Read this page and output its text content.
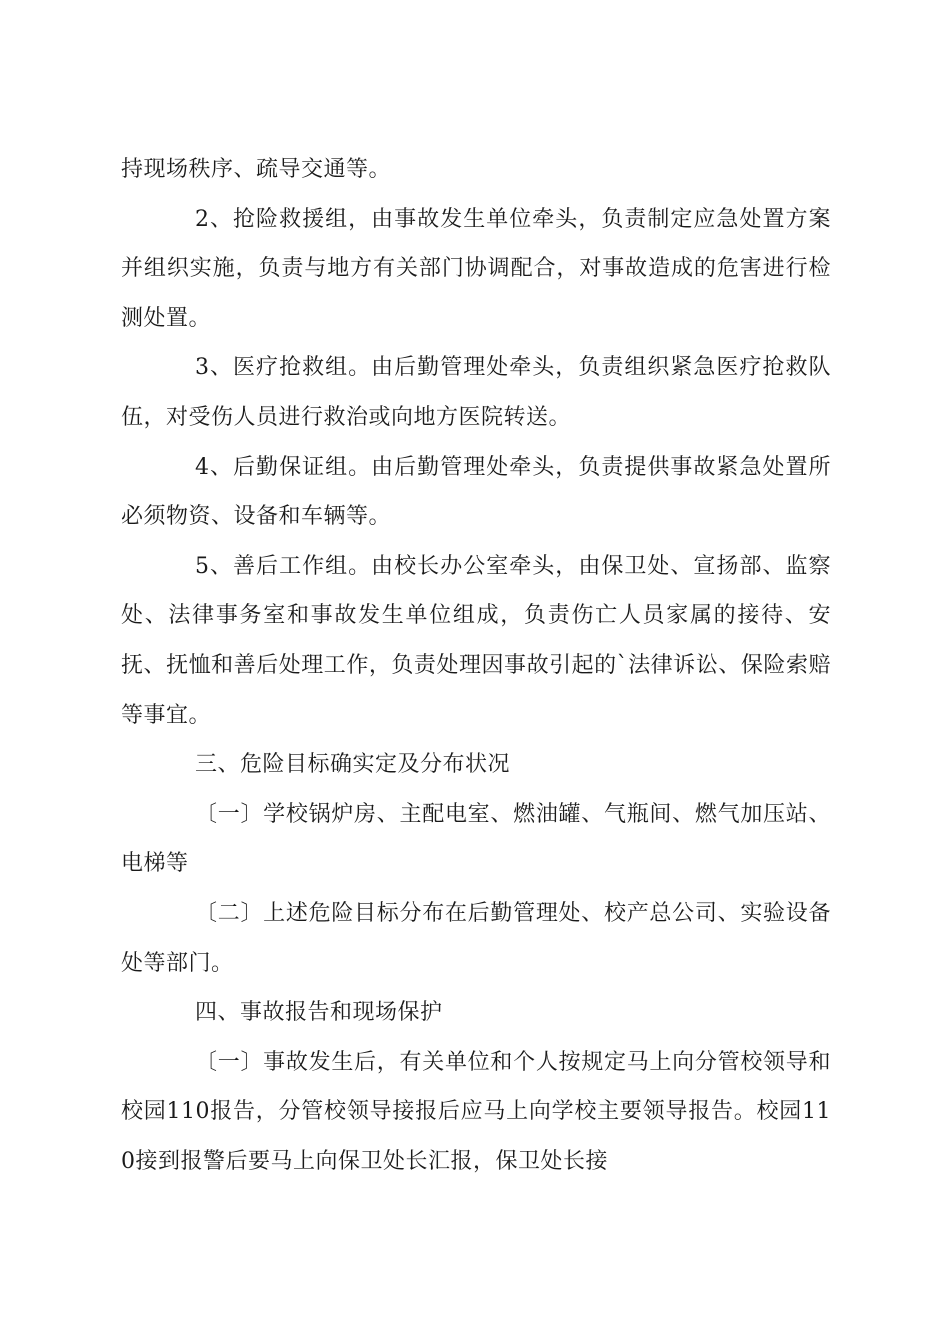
持现场秩序、疏导交通等。

2、抢险救援组，由事故发生单位牵头，负责制定应急处置方案并组织实施，负责与地方有关部门协调配合，对事故造成的危害进行检测处置。

3、医疗抢救组。由后勤管理处牵头，负责组织紧急医疗抢救队伍，对受伤人员进行救治或向地方医院转送。

4、后勤保证组。由后勤管理处牵头，负责提供事故紧急处置所必须物资、设备和车辆等。

5、善后工作组。由校长办公室牵头，由保卫处、宣扬部、监察处、法律事务室和事故发生单位组成，负责伤亡人员家属的接待、安抚、抚恤和善后处理工作，负责处理因事故引起的`法律诉讼、保险索赔等事宜。

三、危险目标确实定及分布状况

〔一〕学校锅炉房、主配电室、燃油罐、气瓶间、燃气加压站、电梯等

〔二〕上述危险目标分布在后勤管理处、校产总公司、实验设备处等部门。

四、事故报告和现场保护

〔一〕事故发生后，有关单位和个人按规定马上向分管校领导和校园110报告，分管校领导接报后应马上向学校主要领导报告。校园110接到报警后要马上向保卫处长汇报，保卫处长接
